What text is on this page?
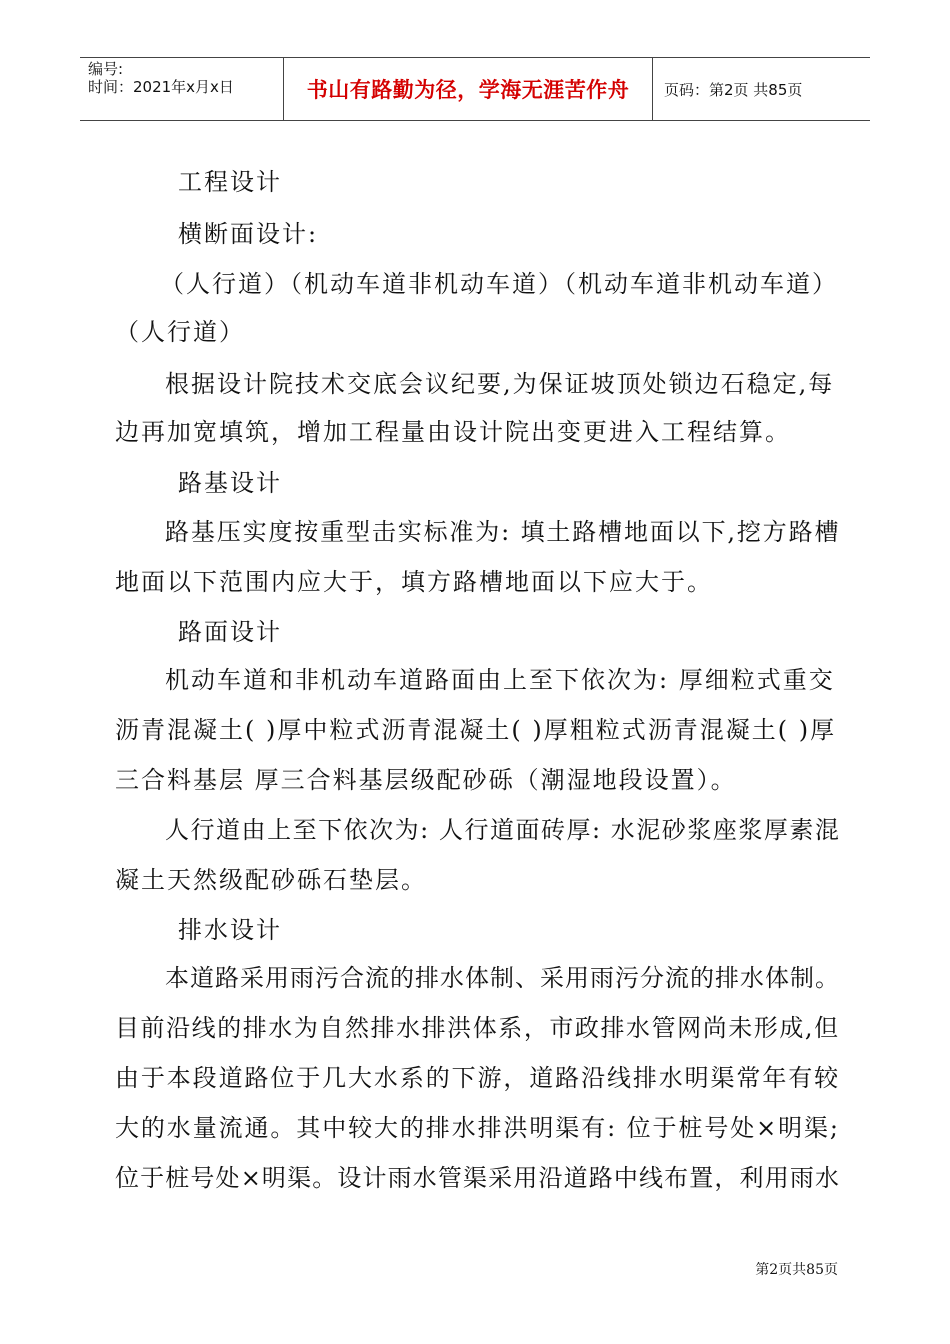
编号:
时间：2021年x月x日	书山有路勤为径，学海无涯苦作舟	页码：第2页 共85页
工程设计
横断面设计:
（人行道）（机动车道非机动车道）（机动车道非机动车道）
（人行道）
根据设计院技术交底会议纪要,为保证坡顶处锁边石稳定,每
边再加宽填筑，增加工程量由设计院出变更进入工程结算。
路基设计
路基压实度按重型击实标准为: 填土路槽地面以下,挖方路槽
地面以下范围内应大于，填方路槽地面以下应大于。
路面设计
机动车道和非机动车道路面由上至下依次为: 厚细粒式重交
沥青混凝土( )厚中粒式沥青混凝土( )厚粗粒式沥青混凝土( )厚
三合料基层 厚三合料基层级配砂砾（潮湿地段设置）。
人行道由上至下依次为: 人行道面砖厚: 水泥砂浆座浆厚素混
凝土天然级配砂砾石垫层。
排水设计
本道路采用雨污合流的排水体制、采用雨污分流的排水体制。
目前沿线的排水为自然排水排洪体系，市政排水管网尚未形成,但
由于本段道路位于几大水系的下游，道路沿线排水明渠常年有较
大的水量流通。其中较大的排水排洪明渠有: 位于桩号处×明渠;
位于桩号处×明渠。设计雨水管渠采用沿道路中线布置，利用雨水
第2页共85页
